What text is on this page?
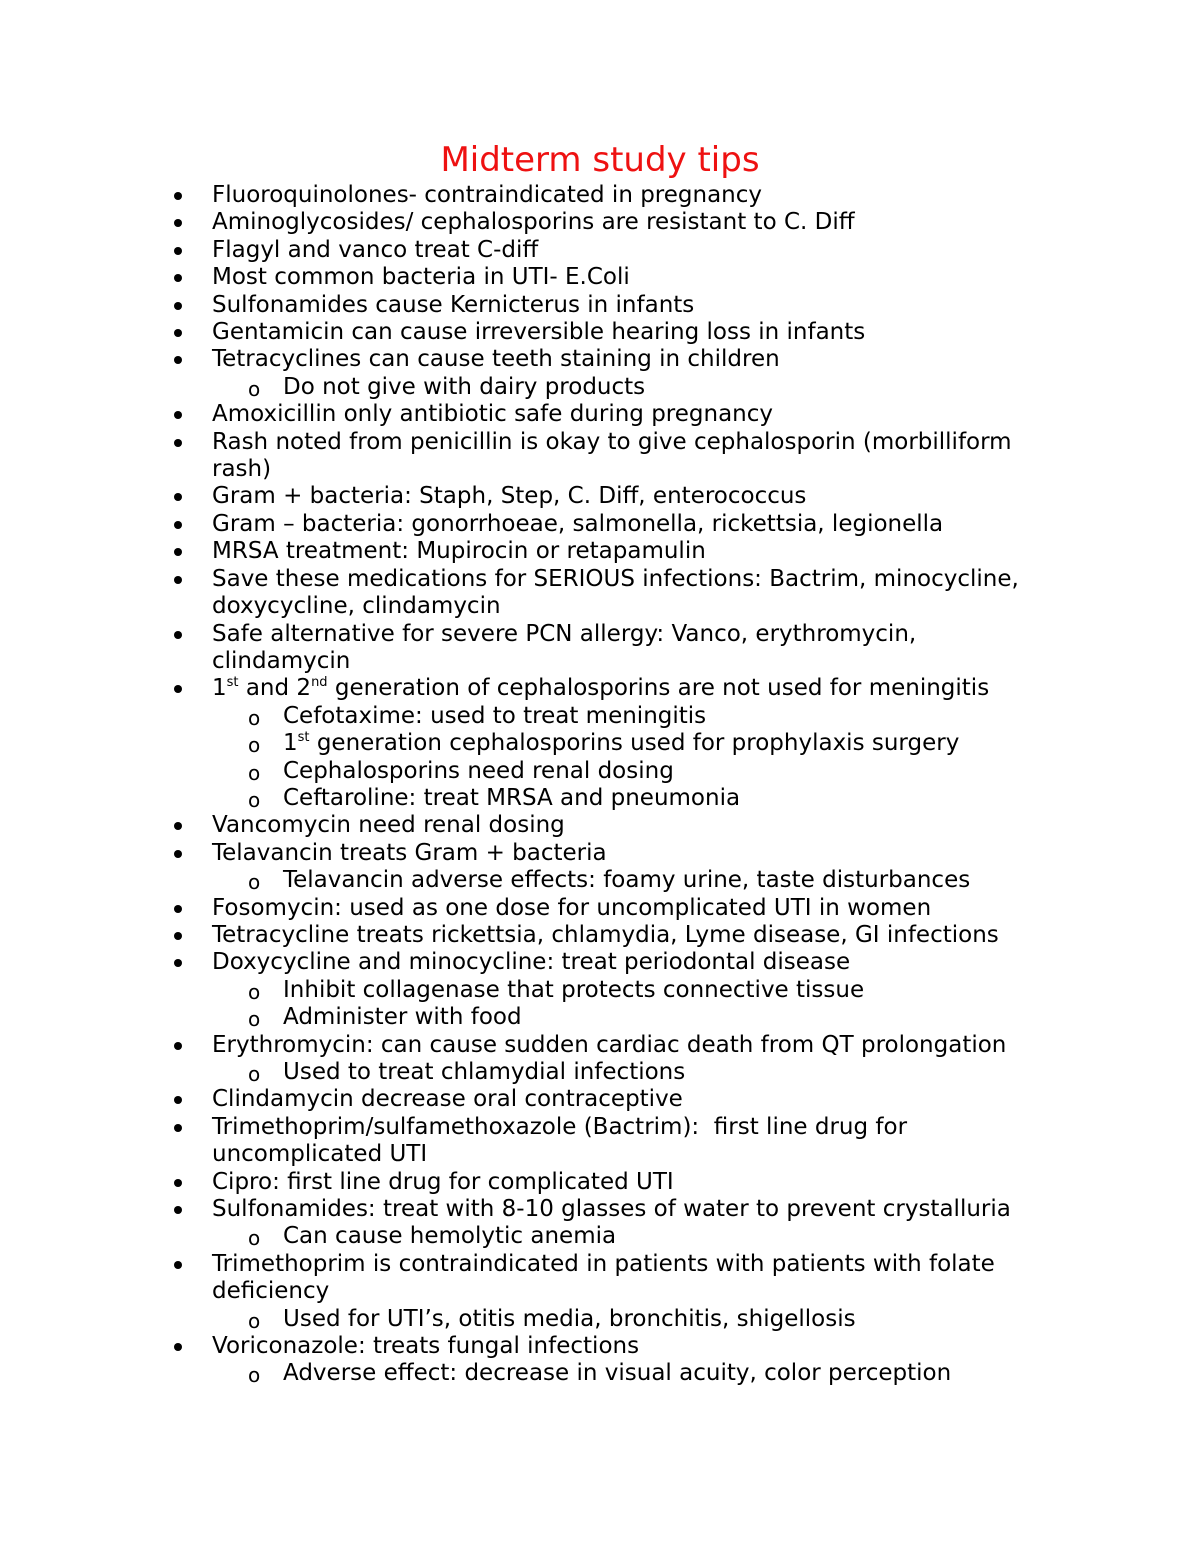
Midterm study tips
Fluoroquinolones- contraindicated in pregnancy
Aminoglycosides/ cephalosporins are resistant to C. Diff
Flagyl and vanco treat C-diff
Most common bacteria in UTI- E.Coli
Sulfonamides cause Kernicterus in infants
Gentamicin can cause irreversible hearing loss in infants
Tetracyclines can cause teeth staining in children
o Do not give with dairy products
Amoxicillin only antibiotic safe during pregnancy
Rash noted from penicillin is okay to give cephalosporin (morbilliform rash)
Gram + bacteria: Staph, Step, C. Diff, enterococcus
Gram – bacteria: gonorrhoeae, salmonella, rickettsia, legionella
MRSA treatment: Mupirocin or retapamulin
Save these medications for SERIOUS infections: Bactrim, minocycline, doxycycline, clindamycin
Safe alternative for severe PCN allergy: Vanco, erythromycin, clindamycin
1st and 2nd generation of cephalosporins are not used for meningitis
o Cefotaxime: used to treat meningitis
o 1st generation cephalosporins used for prophylaxis surgery
o Cephalosporins need renal dosing
o Ceftaroline: treat MRSA and pneumonia
Vancomycin need renal dosing
Telavancin treats Gram + bacteria
o Telavancin adverse effects: foamy urine, taste disturbances
Fosomycin: used as one dose for uncomplicated UTI in women
Tetracycline treats rickettsia, chlamydia, Lyme disease, GI infections
Doxycycline and minocycline: treat periodontal disease
o Inhibit collagenase that protects connective tissue
o Administer with food
Erythromycin: can cause sudden cardiac death from QT prolongation
o Used to treat chlamydial infections
Clindamycin decrease oral contraceptive
Trimethoprim/sulfamethoxazole (Bactrim):  first line drug for uncomplicated UTI
Cipro: first line drug for complicated UTI
Sulfonamides: treat with 8-10 glasses of water to prevent crystalluria
o Can cause hemolytic anemia
Trimethoprim is contraindicated in patients with patients with folate deficiency
o Used for UTI’s, otitis media, bronchitis, shigellosis
Voriconazole: treats fungal infections
o Adverse effect: decrease in visual acuity, color perception
